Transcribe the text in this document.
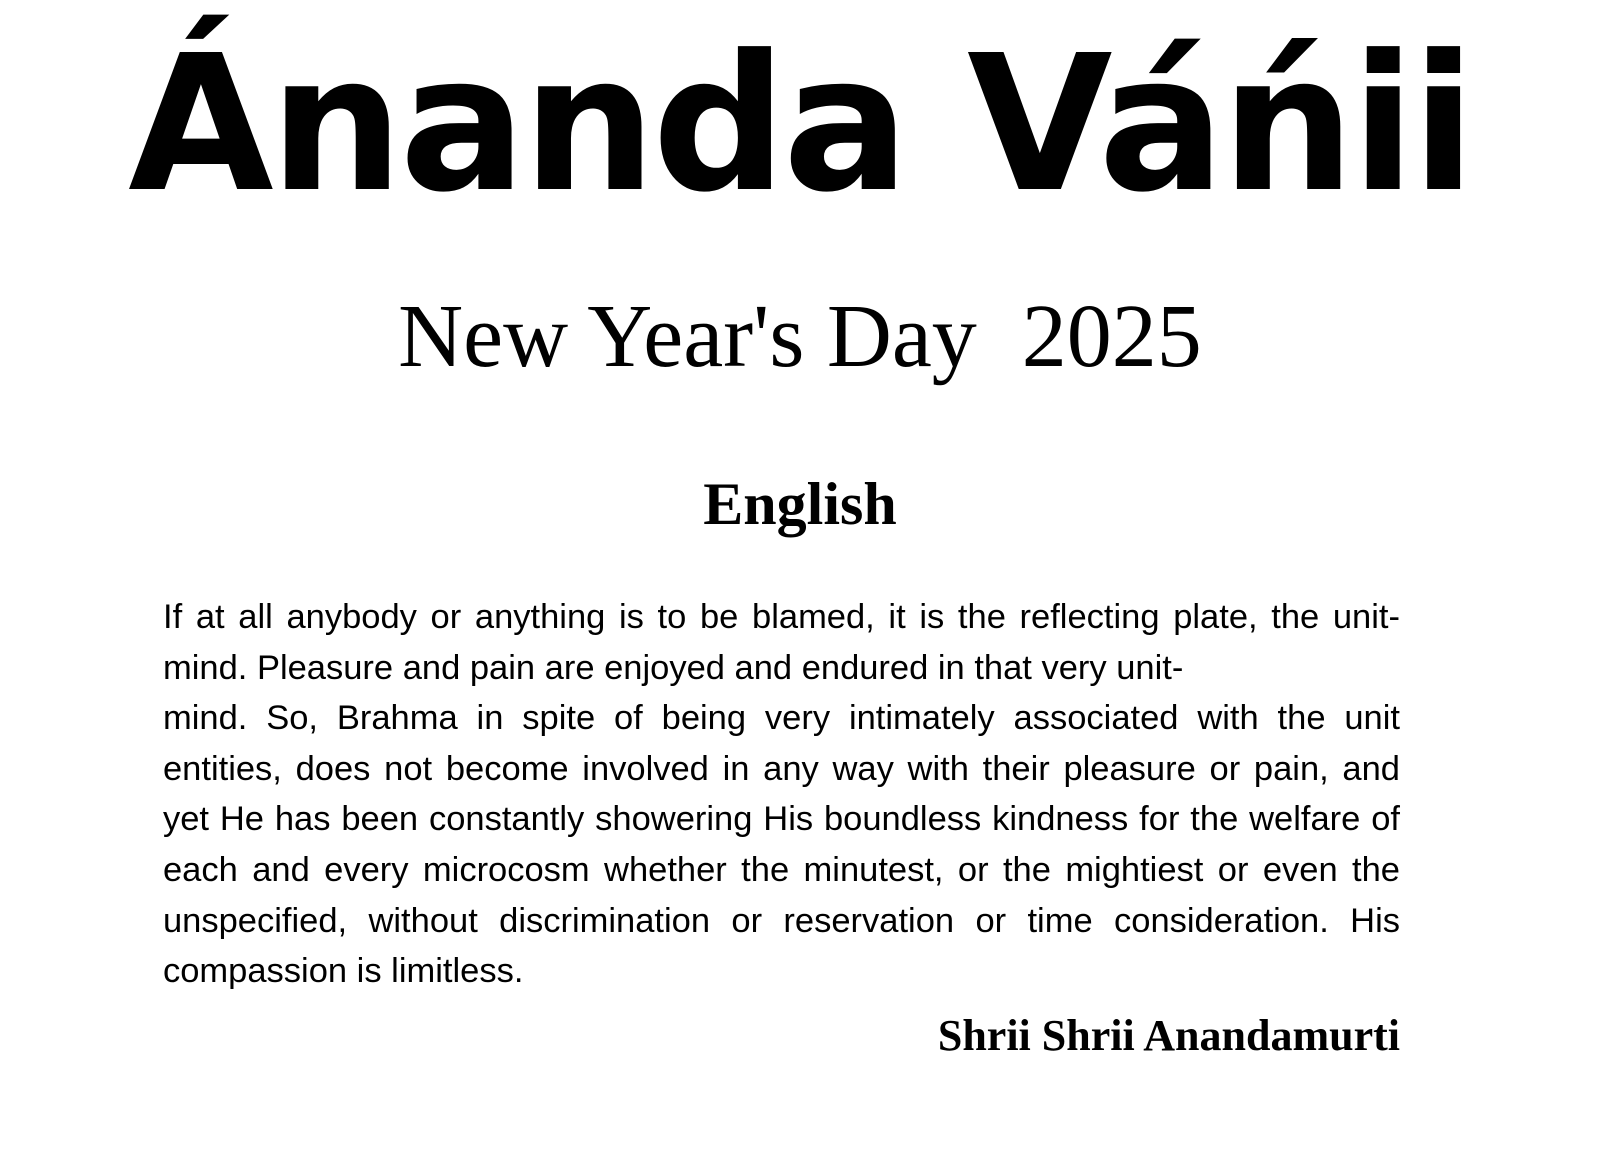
Ánanda Váńii
New Year's Day  2025
English

If at all anybody or anything is to be blamed, it is the reflecting plate, the unit- mind. Pleasure and pain are enjoyed and endured in that very unit-
mind. So, Brahma in spite of being very intimately associated with the unit entities, does not become involved in any way with their pleasure or pain, and yet He has been constantly showering His boundless kindness for the welfare of each and every microcosm whether the minutest, or the mightiest or even the unspecified, without discrimination or reservation or time consideration. His compassion is limitless.

Shrii Shrii Anandamurti
